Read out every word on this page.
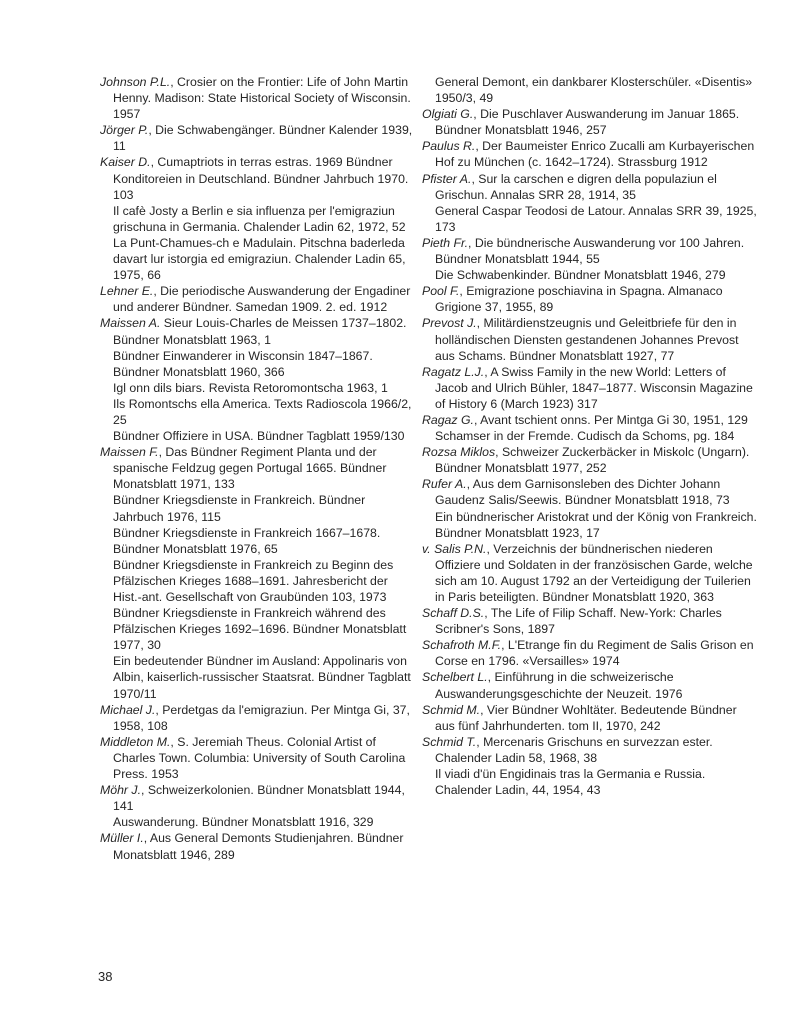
Johnson P.L., Crosier on the Frontier: Life of John Martin Henny. Madison: State Historical Society of Wisconsin. 1957
Jörger P., Die Schwabengänger. Bündner Kalender 1939, 11
Kaiser D., Cumaptriots in terras estras. 1969 Bündner Konditoreien in Deutschland. Bündner Jahrbuch 1970. 103
Il cafè Josty a Berlin e sia influenza per l'emigraziun grischuna in Germania. Chalender Ladin 62, 1972, 52
La Punt-Chamues-ch e Madulain. Pitschna baderleda davart lur istorgia ed emigraziun. Chalender Ladin 65, 1975, 66
Lehner E., Die periodische Auswanderung der Engadiner und anderer Bündner. Samedan 1909. 2. ed. 1912
Maissen A. Sieur Louis-Charles de Meissen 1737–1802. Bündner Monatsblatt 1963, 1
Bündner Einwanderer in Wisconsin 1847–1867. Bündner Monatsblatt 1960, 366
Igl onn dils biars. Revista Retoromontscha 1963, 1
Ils Romontschs ella America. Texts Radioscola 1966/2, 25
Bündner Offiziere in USA. Bündner Tagblatt 1959/130
Maissen F., Das Bündner Regiment Planta und der spanische Feldzug gegen Portugal 1665. Bündner Monatsblatt 1971, 133
Bündner Kriegsdienste in Frankreich. Bündner Jahrbuch 1976, 115
Bündner Kriegsdienste in Frankreich 1667–1678. Bündner Monatsblatt 1976, 65
Bündner Kriegsdienste in Frankreich zu Beginn des Pfälzischen Krieges 1688–1691. Jahresbericht der Hist.-ant. Gesellschaft von Graubünden 103, 1973
Bündner Kriegsdienste in Frankreich während des Pfälzischen Krieges 1692–1696. Bündner Monatsblatt 1977, 30
Ein bedeutender Bündner im Ausland: Appolinaris von Albin, kaiserlich-russischer Staatsrat. Bündner Tagblatt 1970/11
Michael J., Perdetgas da l'emigraziun. Per Mintga Gi, 37, 1958, 108
Middleton M., S. Jeremiah Theus. Colonial Artist of Charles Town. Columbia: University of South Carolina Press. 1953
Möhr J., Schweizerkolonien. Bündner Monatsblatt 1944, 141
Auswanderung. Bündner Monatsblatt 1916, 329
Müller I., Aus General Demonts Studienjahren. Bündner Monatsblatt 1946, 289
General Demont, ein dankbarer Klosterschüler. «Disentis» 1950/3, 49
Olgiati G., Die Puschlaver Auswanderung im Januar 1865. Bündner Monatsblatt 1946, 257
Paulus R., Der Baumeister Enrico Zucalli am Kurbayerischen Hof zu München (c. 1642–1724). Strassburg 1912
Pfister A., Sur la carschen e digren della populaziun el Grischun. Annalas SRR 28, 1914, 35
General Caspar Teodosi de Latour. Annalas SRR 39, 1925, 173
Pieth Fr., Die bündnerische Auswanderung vor 100 Jahren. Bündner Monatsblatt 1944, 55
Die Schwabenkinder. Bündner Monatsblatt 1946, 279
Pool F., Emigrazione poschiavina in Spagna. Almanaco Grigione 37, 1955, 89
Prevost J., Militärdienstzeugnis und Geleitbriefe für den in holländischen Diensten gestandenen Johannes Prevost aus Schams. Bündner Monatsblatt 1927, 77
Ragatz L.J., A Swiss Family in the new World: Letters of Jacob and Ulrich Bühler, 1847–1877. Wisconsin Magazine of History 6 (March 1923) 317
Ragaz G., Avant tschient onns. Per Mintga Gi 30, 1951, 129
Schamser in der Fremde. Cudisch da Schoms, pg. 184
Rozsa Miklos, Schweizer Zuckerbäcker in Miskolc (Ungarn). Bündner Monatsblatt 1977, 252
Rufer A., Aus dem Garnisonsleben des Dichter Johann Gaudenz Salis/Seewis. Bündner Monatsblatt 1918, 73
Ein bündnerischer Aristokrat und der König von Frankreich. Bündner Monatsblatt 1923, 17
v. Salis P.N., Verzeichnis der bündnerischen niederen Offiziere und Soldaten in der französischen Garde, welche sich am 10. August 1792 an der Verteidigung der Tuilerien in Paris beteiligten. Bündner Monatsblatt 1920, 363
Schaff D.S., The Life of Filip Schaff. New-York: Charles Scribner's Sons, 1897
Schafroth M.F., L'Etrange fin du Regiment de Salis Grison en Corse en 1796. «Versailles» 1974
Schelbert L., Einführung in die schweizerische Auswanderungsgeschichte der Neuzeit. 1976
Schmid M., Vier Bündner Wohltäter. Bedeutende Bündner aus fünf Jahrhunderten. tom II, 1970, 242
Schmid T., Mercenaris Grischuns en survezzan ester. Chalender Ladin 58, 1968, 38
Il viadi d'ün Engidinais tras la Germania e Russia. Chalender Ladin, 44, 1954, 43
38
